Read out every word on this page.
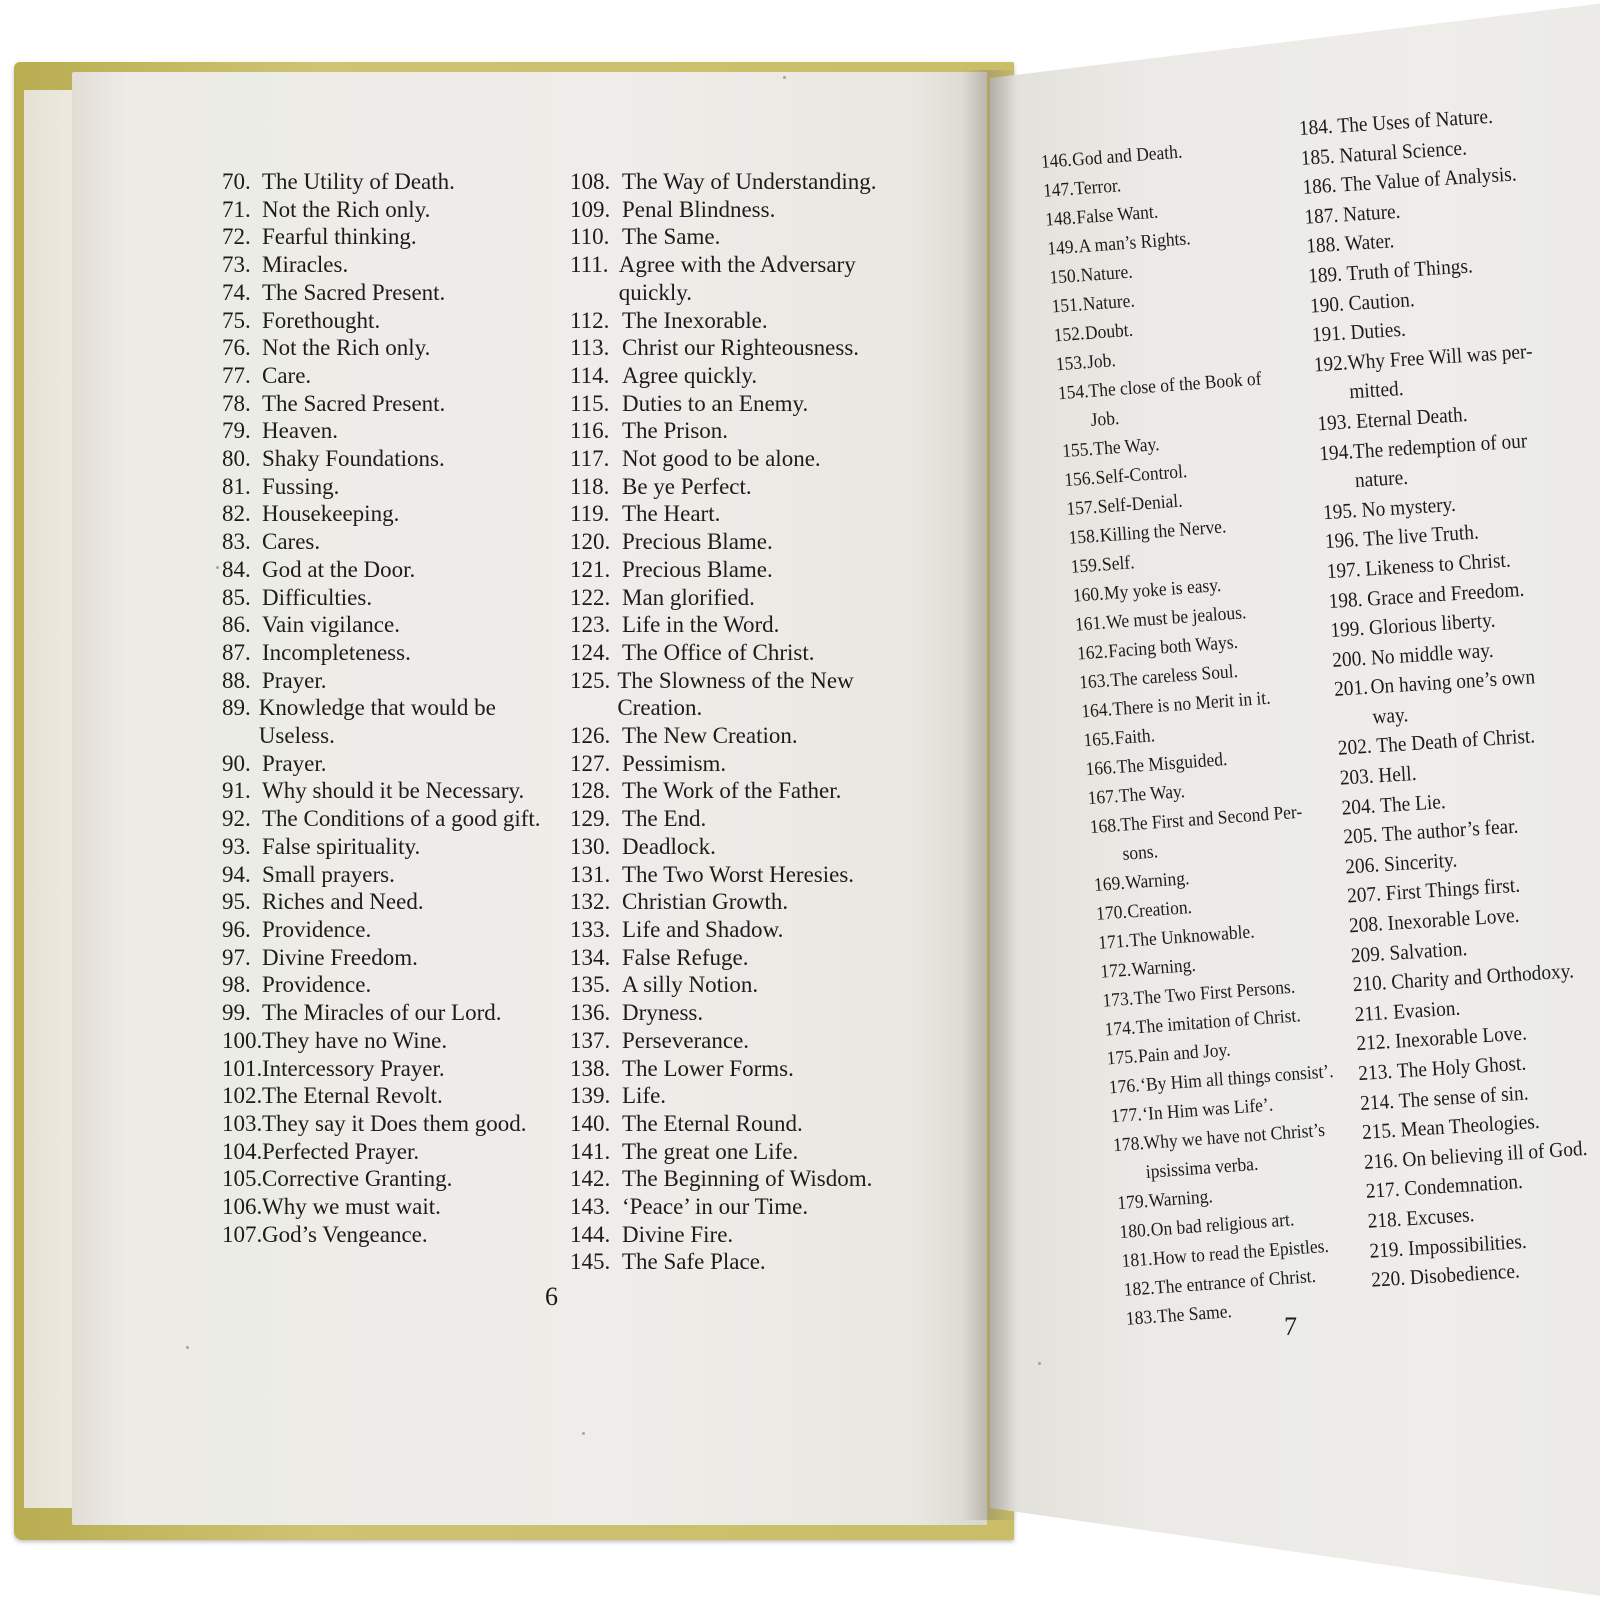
70. The Utility of Death.
71. Not the Rich only.
72. Fearful thinking.
73. Miracles.
74. The Sacred Present.
75. Forethought.
76. Not the Rich only.
77. Care.
78. The Sacred Present.
79. Heaven.
80. Shaky Foundations.
81. Fussing.
82. Housekeeping.
83. Cares.
84. God at the Door.
85. Difficulties.
86. Vain vigilance.
87. Incompleteness.
88. Prayer.
89. Knowledge that would be Useless.
90. Prayer.
91. Why should it be Necessary.
92. The Conditions of a good gift.
93. False spirituality.
94. Small prayers.
95. Riches and Need.
96. Providence.
97. Divine Freedom.
98. Providence.
99. The Miracles of our Lord.
100. They have no Wine.
101. Intercessory Prayer.
102. The Eternal Revolt.
103. They say it Does them good.
104. Perfected Prayer.
105. Corrective Granting.
106. Why we must wait.
107. God’s Vengeance.
108. The Way of Understanding.
109. Penal Blindness.
110. The Same.
111. Agree with the Adversary quickly.
112. The Inexorable.
113. Christ our Righteousness.
114. Agree quickly.
115. Duties to an Enemy.
116. The Prison.
117. Not good to be alone.
118. Be ye Perfect.
119. The Heart.
120. Precious Blame.
121. Precious Blame.
122. Man glorified.
123. Life in the Word.
124. The Office of Christ.
125. The Slowness of the New Creation.
126. The New Creation.
127. Pessimism.
128. The Work of the Father.
129. The End.
130. Deadlock.
131. The Two Worst Heresies.
132. Christian Growth.
133. Life and Shadow.
134. False Refuge.
135. A silly Notion.
136. Dryness.
137. Perseverance.
138. The Lower Forms.
139. Life.
140. The Eternal Round.
141. The great one Life.
142. The Beginning of Wisdom.
143. ‘Peace’ in our Time.
144. Divine Fire.
145. The Safe Place.
146. God and Death.
147. Terror.
148. False Want.
149. A man’s Rights.
150. Nature.
151. Nature.
152. Doubt.
153. Job.
154.
The close of the Book of Job.
155. The Way.
156. Self-Control.
157. Self-Denial.
158. Killing the Nerve.
159. Self.
160. My yoke is easy.
161. We must be jealous.
162. Facing both Ways.
163. The careless Soul.
164. There is no Merit in it.
165. Faith.
166. The Misguided.
167. The Way.
168.
The First and Second Per- sons.
169. Warning.
170. Creation.
171. The Unknowable.
172. Warning.
173. The Two First Persons.
174. The imitation of Christ.
175. Pain and Joy.
176. ‘By Him all things consist’.
177. ‘In Him was Life’.
178.
Why we have not Christ’s ipsissima verba.
179. Warning.
180. On bad religious art.
181. How to read the Epistles.
182. The entrance of Christ.
183. The Same.
184. The Uses of Nature.
185. Natural Science.
186. The Value of Analysis.
187. Nature.
188. Water.
189. Truth of Things.
190. Caution.
191. Duties.
192.
Why Free Will was per- mitted.
193. Eternal Death.
194.
The redemption of our nature.
195. No mystery.
196. The live Truth.
197. Likeness to Christ.
198. Grace and Freedom.
199. Glorious liberty.
200. No middle way.
201. On having one’s own way.
202. The Death of Christ.
203. Hell.
204. The Lie.
205. The author’s fear.
206. Sincerity.
207. First Things first.
208. Inexorable Love.
209. Salvation.
210. Charity and Orthodoxy.
211. Evasion.
212. Inexorable Love.
213. The Holy Ghost.
214. The sense of sin.
215. Mean Theologies.
216. On believing ill of God.
217. Condemnation.
218. Excuses.
219. Impossibilities.
220. Disobedience.
6
7
